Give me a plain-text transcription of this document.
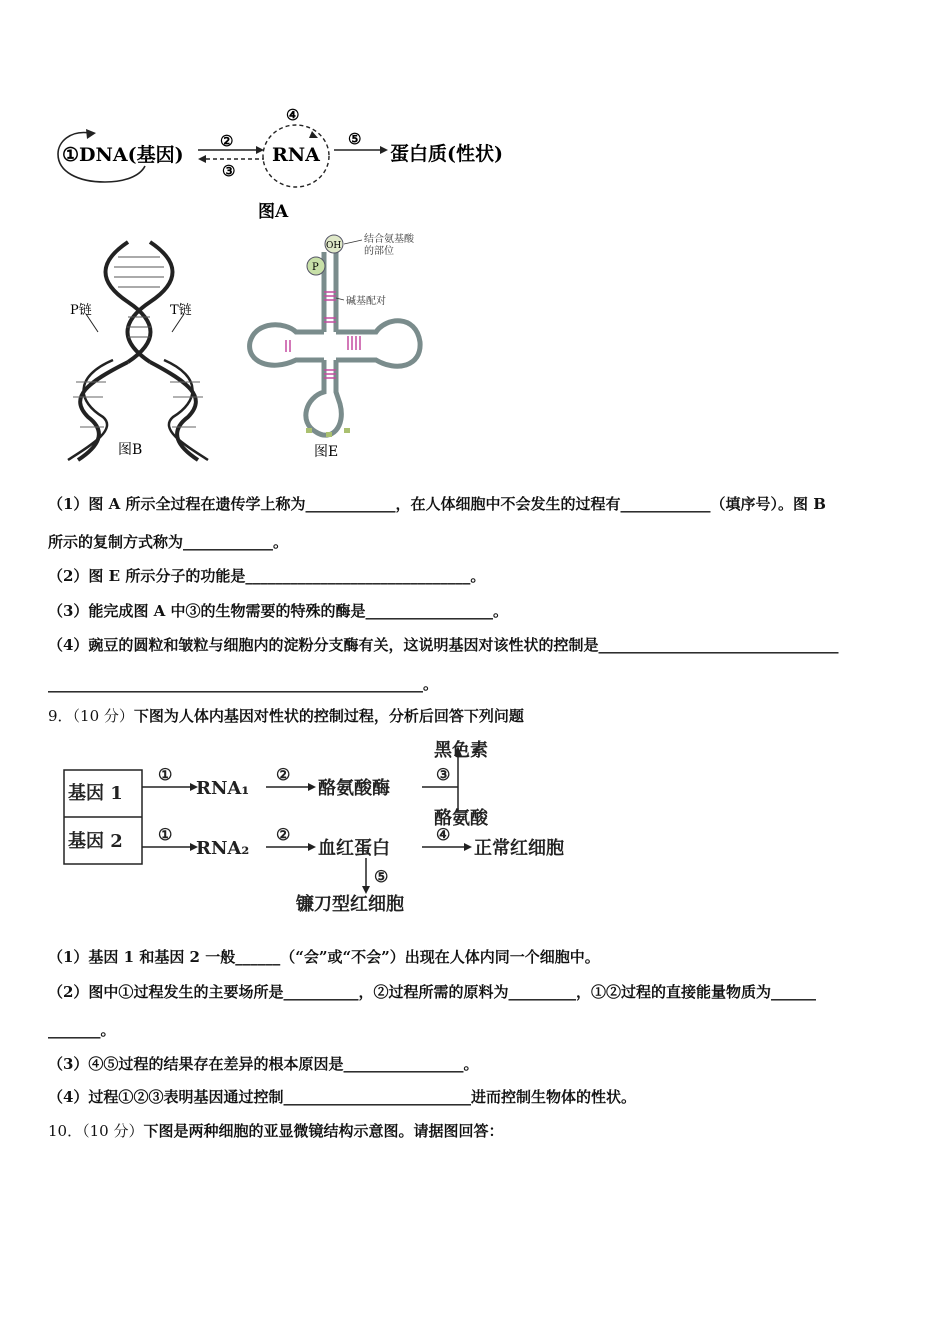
①DNA(基因)
②
③
④
RNA
⑤
蛋白质(性状)
图A
P链	T链
图B
OH
P
结合氨基酸
的部位
碱基配对
图E
（1）图 A 所示全过程在遗传学上称为____________，在人体细胞中不会发生的过程有____________（填序号）。图 B
所示的复制方式称为____________。
（2）图 E 所示分子的功能是______________________________。
（3）能完成图 A 中③的生物需要的特殊的酶是_________________。
（4）豌豆的圆粒和皱粒与细胞内的淀粉分支酶有关，这说明基因对该性状的控制是________________________________
__________________________________________________。
9．（10 分）下图为人体内基因对性状的控制过程，分析后回答下列问题
基因 1
基因 2
①
RNA₁
②
酪氨酸酶
③
黑色素
酪氨酸
①
RNA₂
②
血红蛋白
④
正常红细胞
⑤
镰刀型红细胞
（1）基因 1 和基因 2 一般______（“会”或“不会”）出现在人体内同一个细胞中。
（2）图中①过程发生的主要场所是__________，②过程所需的原料为_________，①②过程的直接能量物质为______
_______。
（3）④⑤过程的结果存在差异的根本原因是________________。
（4）过程①②③表明基因通过控制_________________________进而控制生物体的性状。
10．（10 分）下图是两种细胞的亚显微镜结构示意图。请据图回答：
